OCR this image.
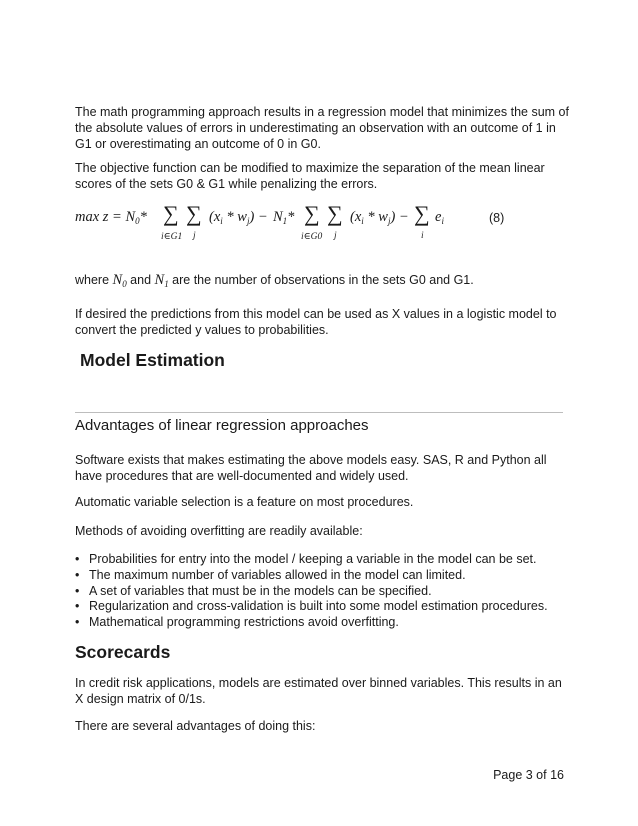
The math programming approach results in a regression model that minimizes the sum of the absolute values of errors in underestimating an observation with an outcome of 1 in G1 or overestimating an outcome of 0 in G0.

The objective function can be modified to maximize the separation of the mean linear scores of the sets G0 & G1 while penalizing the errors.

$\max z = N_0*$ ∑
i∈G1
∑
j
$(x_i * w_j) - N_1*$ ∑
i∈G0
∑
j
$(x_i * w_j)$ − ∑
i
$e_i$	(8)

where $N_0$ and $N_1$ are the number of observations in the sets G0 and G1.

If desired the predictions from this model can be used as X values in a logistic model to convert the predicted y values to probabilities.

Model Estimation
Advantages of linear regression approaches

Software exists that makes estimating the above models easy. SAS, R and Python all have procedures that are well-documented and widely used.

Automatic variable selection is a feature on most procedures.

Methods of avoiding overfitting are readily available:

• Probabilities for entry into the model / keeping a variable in the model can be set.
• The maximum number of variables allowed in the model can limited.
• A set of variables that must be in the models can be specified.
• Regularization and cross-validation is built into some model estimation procedures.
• Mathematical programming restrictions avoid overfitting.
Scorecards

In credit risk applications, models are estimated over binned variables. This results in an X design matrix of 0/1s.

There are several advantages of doing this:

Page 3 of 16
